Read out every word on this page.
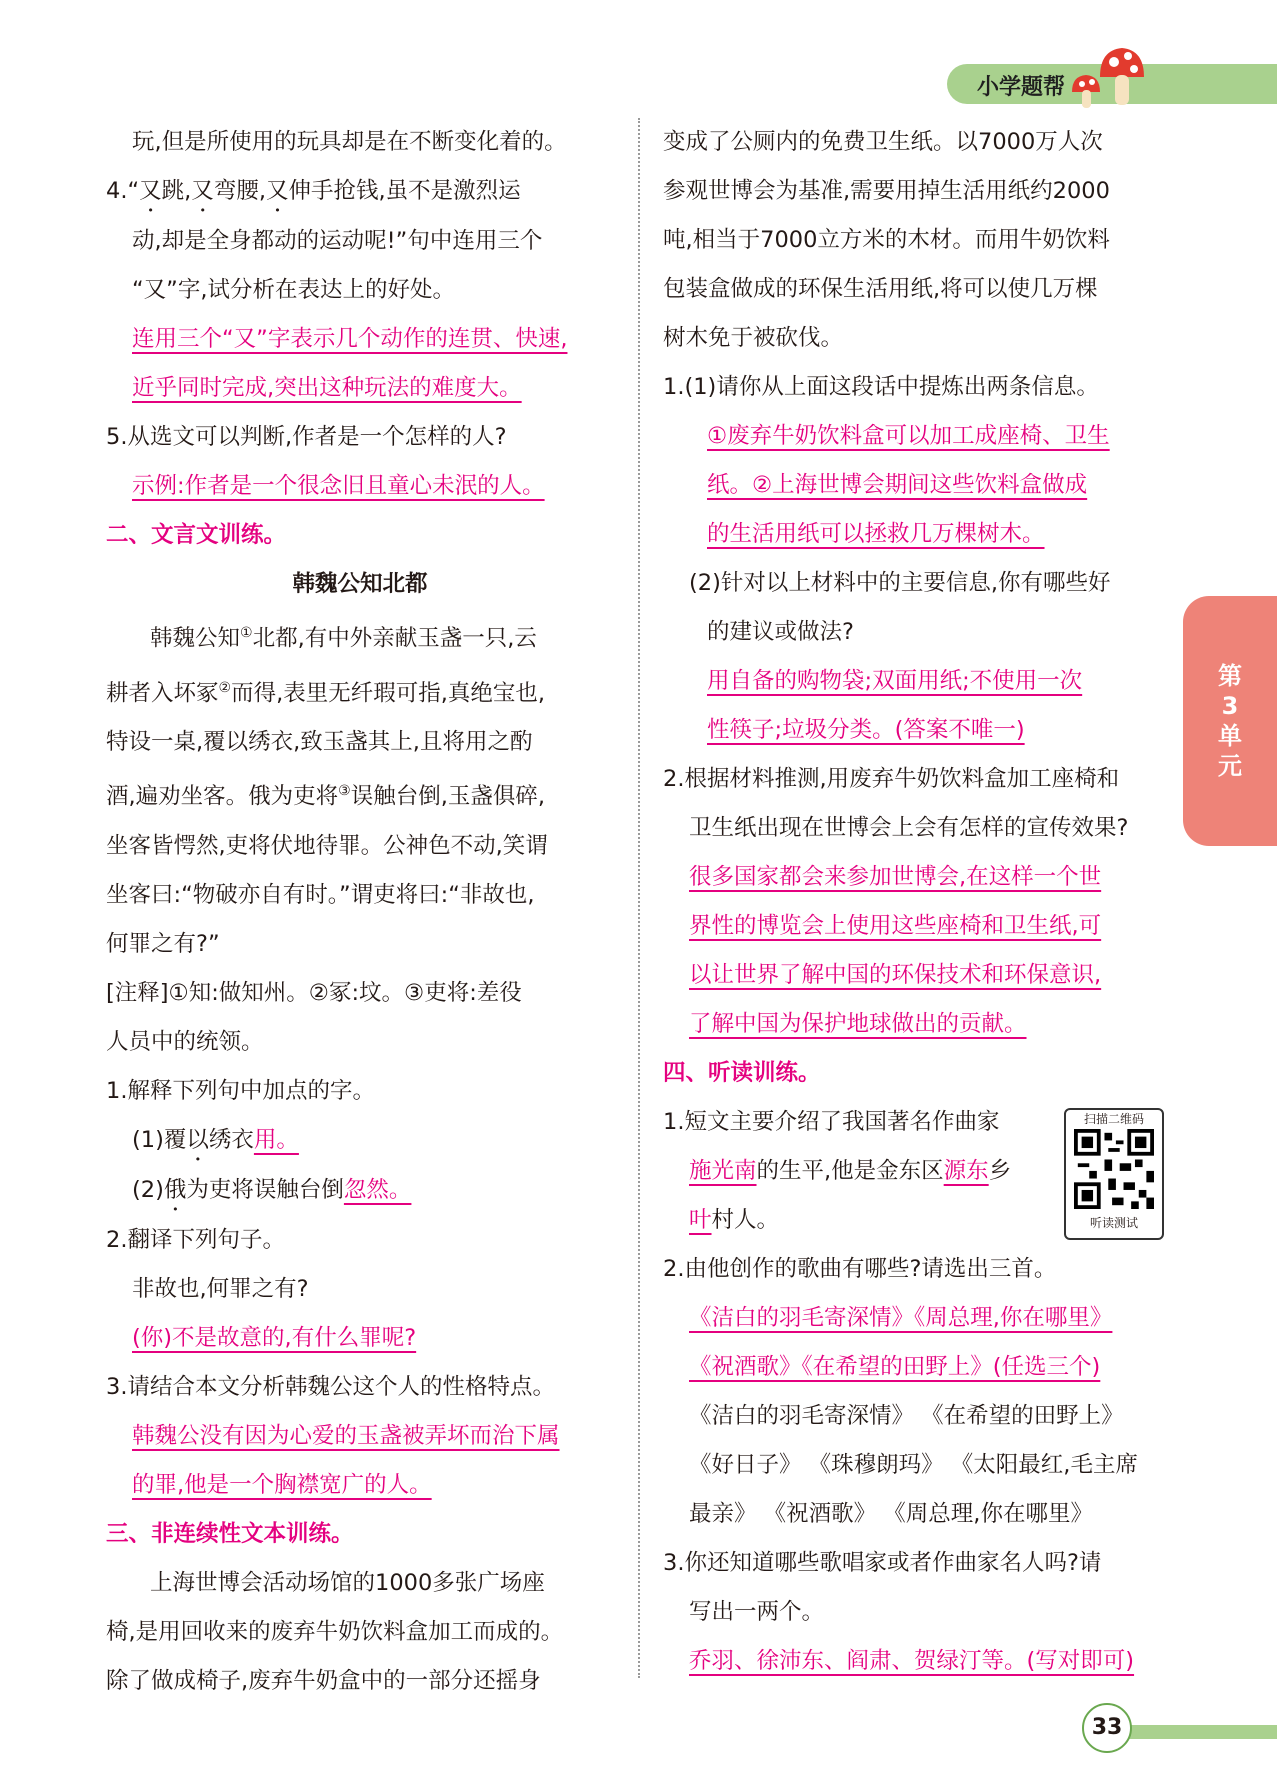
小学题帮
玩,但是所使用的玩具却是在不断变化着的。
4.“又跳,又弯腰,又伸手抢钱,虽不是激烈运
动,却是全身都动的运动呢!”句中连用三个
“又”字,试分析在表达上的好处。
连用三个“又”字表示几个动作的连贯、快速,
近乎同时完成,突出这种玩法的难度大。
5.从选文可以判断,作者是一个怎样的人?
示例:作者是一个很念旧且童心未泯的人。
二、文言文训练。
韩魏公知北都
韩魏公知①北都,有中外亲献玉盏一只,云
耕者入坏冢②而得,表里无纤瑕可指,真绝宝也,
特设一桌,覆以绣衣,致玉盏其上,且将用之酌
酒,遍劝坐客。俄为吏将③误触台倒,玉盏俱碎,
坐客皆愕然,吏将伏地待罪。公神色不动,笑谓
坐客曰:“物破亦自有时。”谓吏将曰:“非故也,
何罪之有?”
[注释]①知:做知州。②冢:坟。③吏将:差役
人员中的统领。
1.解释下列句中加点的字。
(1)覆以绣衣用。
(2)俄为吏将误触台倒忽然。
2.翻译下列句子。
非故也,何罪之有?
(你)不是故意的,有什么罪呢?
3.请结合本文分析韩魏公这个人的性格特点。
韩魏公没有因为心爱的玉盏被弄坏而治下属
的罪,他是一个胸襟宽广的人。
三、非连续性文本训练。
上海世博会活动场馆的1000多张广场座
椅,是用回收来的废弃牛奶饮料盒加工而成的。
除了做成椅子,废弃牛奶盒中的一部分还摇身
变成了公厕内的免费卫生纸。以7000万人次
参观世博会为基准,需要用掉生活用纸约2000
吨,相当于7000立方米的木材。而用牛奶饮料
包装盒做成的环保生活用纸,将可以使几万棵
树木免于被砍伐。
1.(1)请你从上面这段话中提炼出两条信息。
①废弃牛奶饮料盒可以加工成座椅、卫生
纸。②上海世博会期间这些饮料盒做成
的生活用纸可以拯救几万棵树木。
(2)针对以上材料中的主要信息,你有哪些好
的建议或做法?
用自备的购物袋;双面用纸;不使用一次
性筷子;垃圾分类。(答案不唯一)
2.根据材料推测,用废弃牛奶饮料盒加工座椅和
卫生纸出现在世博会上会有怎样的宣传效果?
很多国家都会来参加世博会,在这样一个世
界性的博览会上使用这些座椅和卫生纸,可
以让世界了解中国的环保技术和环保意识,
了解中国为保护地球做出的贡献。
四、听读训练。
1.短文主要介绍了我国著名作曲家
施光南的生平,他是金东区源东乡
叶村人。
2.由他创作的歌曲有哪些?请选出三首。
《洁白的羽毛寄深情》《周总理,你在哪里》
《祝酒歌》《在希望的田野上》(任选三个)
《洁白的羽毛寄深情》 《在希望的田野上》
《好日子》 《珠穆朗玛》 《太阳最红,毛主席
最亲》 《祝酒歌》 《周总理,你在哪里》
3.你还知道哪些歌唱家或者作曲家名人吗?请
写出一两个。
乔羽、徐沛东、阎肃、贺绿汀等。(写对即可)
扫描二维码
听读测试
第
3
单
元
33
